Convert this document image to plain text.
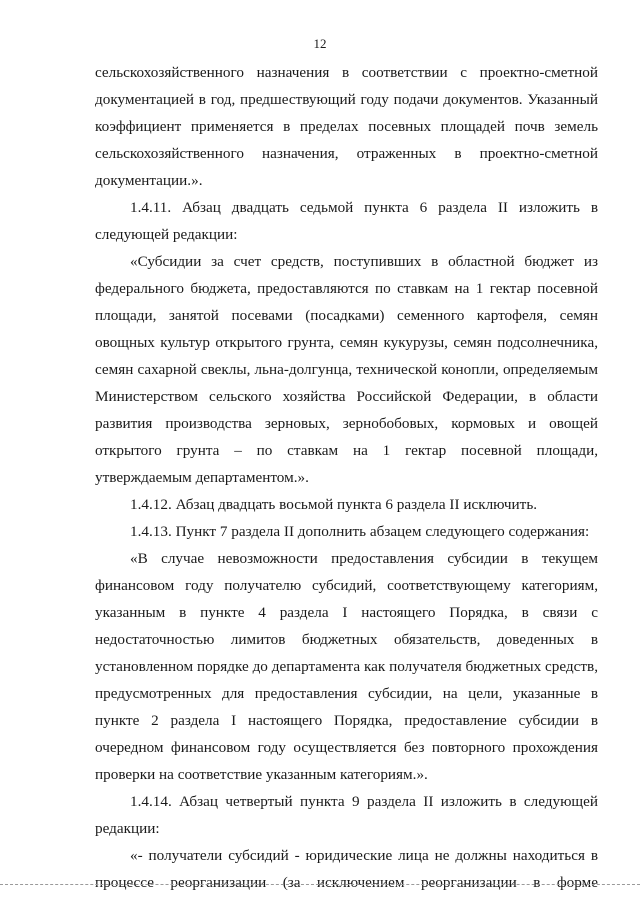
12

сельскохозяйственного назначения в соответствии с проектно-сметной документацией в год, предшествующий году подачи документов. Указанный коэффициент применяется в пределах посевных площадей почв земель сельскохозяйственного назначения, отраженных в проектно-сметной документации.».

1.4.11. Абзац двадцать седьмой пункта 6 раздела II изложить в следующей редакции:

«Субсидии за счет средств, поступивших в областной бюджет из федерального бюджета, предоставляются по ставкам на 1 гектар посевной площади, занятой посевами (посадками) семенного картофеля, семян овощных культур открытого грунта, семян кукурузы, семян подсолнечника, семян сахарной свеклы, льна-долгунца, технической конопли, определяемым Министерством сельского хозяйства Российской Федерации, в области развития производства зерновых, зернобобовых, кормовых и овощей открытого грунта – по ставкам на 1 гектар посевной площади, утверждаемым департаментом.».

1.4.12. Абзац двадцать восьмой пункта 6 раздела II исключить.

1.4.13. Пункт 7 раздела II дополнить абзацем следующего содержания:

«В случае невозможности предоставления субсидии в текущем финансовом году получателю субсидий, соответствующему категориям, указанным в пункте 4 раздела I настоящего Порядка, в связи с недостаточностью лимитов бюджетных обязательств, доведенных в установленном порядке до департамента как получателя бюджетных средств, предусмотренных для предоставления субсидии, на цели, указанные в пункте 2 раздела I настоящего Порядка, предоставление субсидии в очередном финансовом году осуществляется без повторного прохождения проверки на соответствие указанным категориям.».

1.4.14. Абзац четвертый пункта 9 раздела II изложить в следующей редакции:

«- получатели субсидий - юридические лица не должны находиться в процессе реорганизации (за исключением реорганизации в форме
